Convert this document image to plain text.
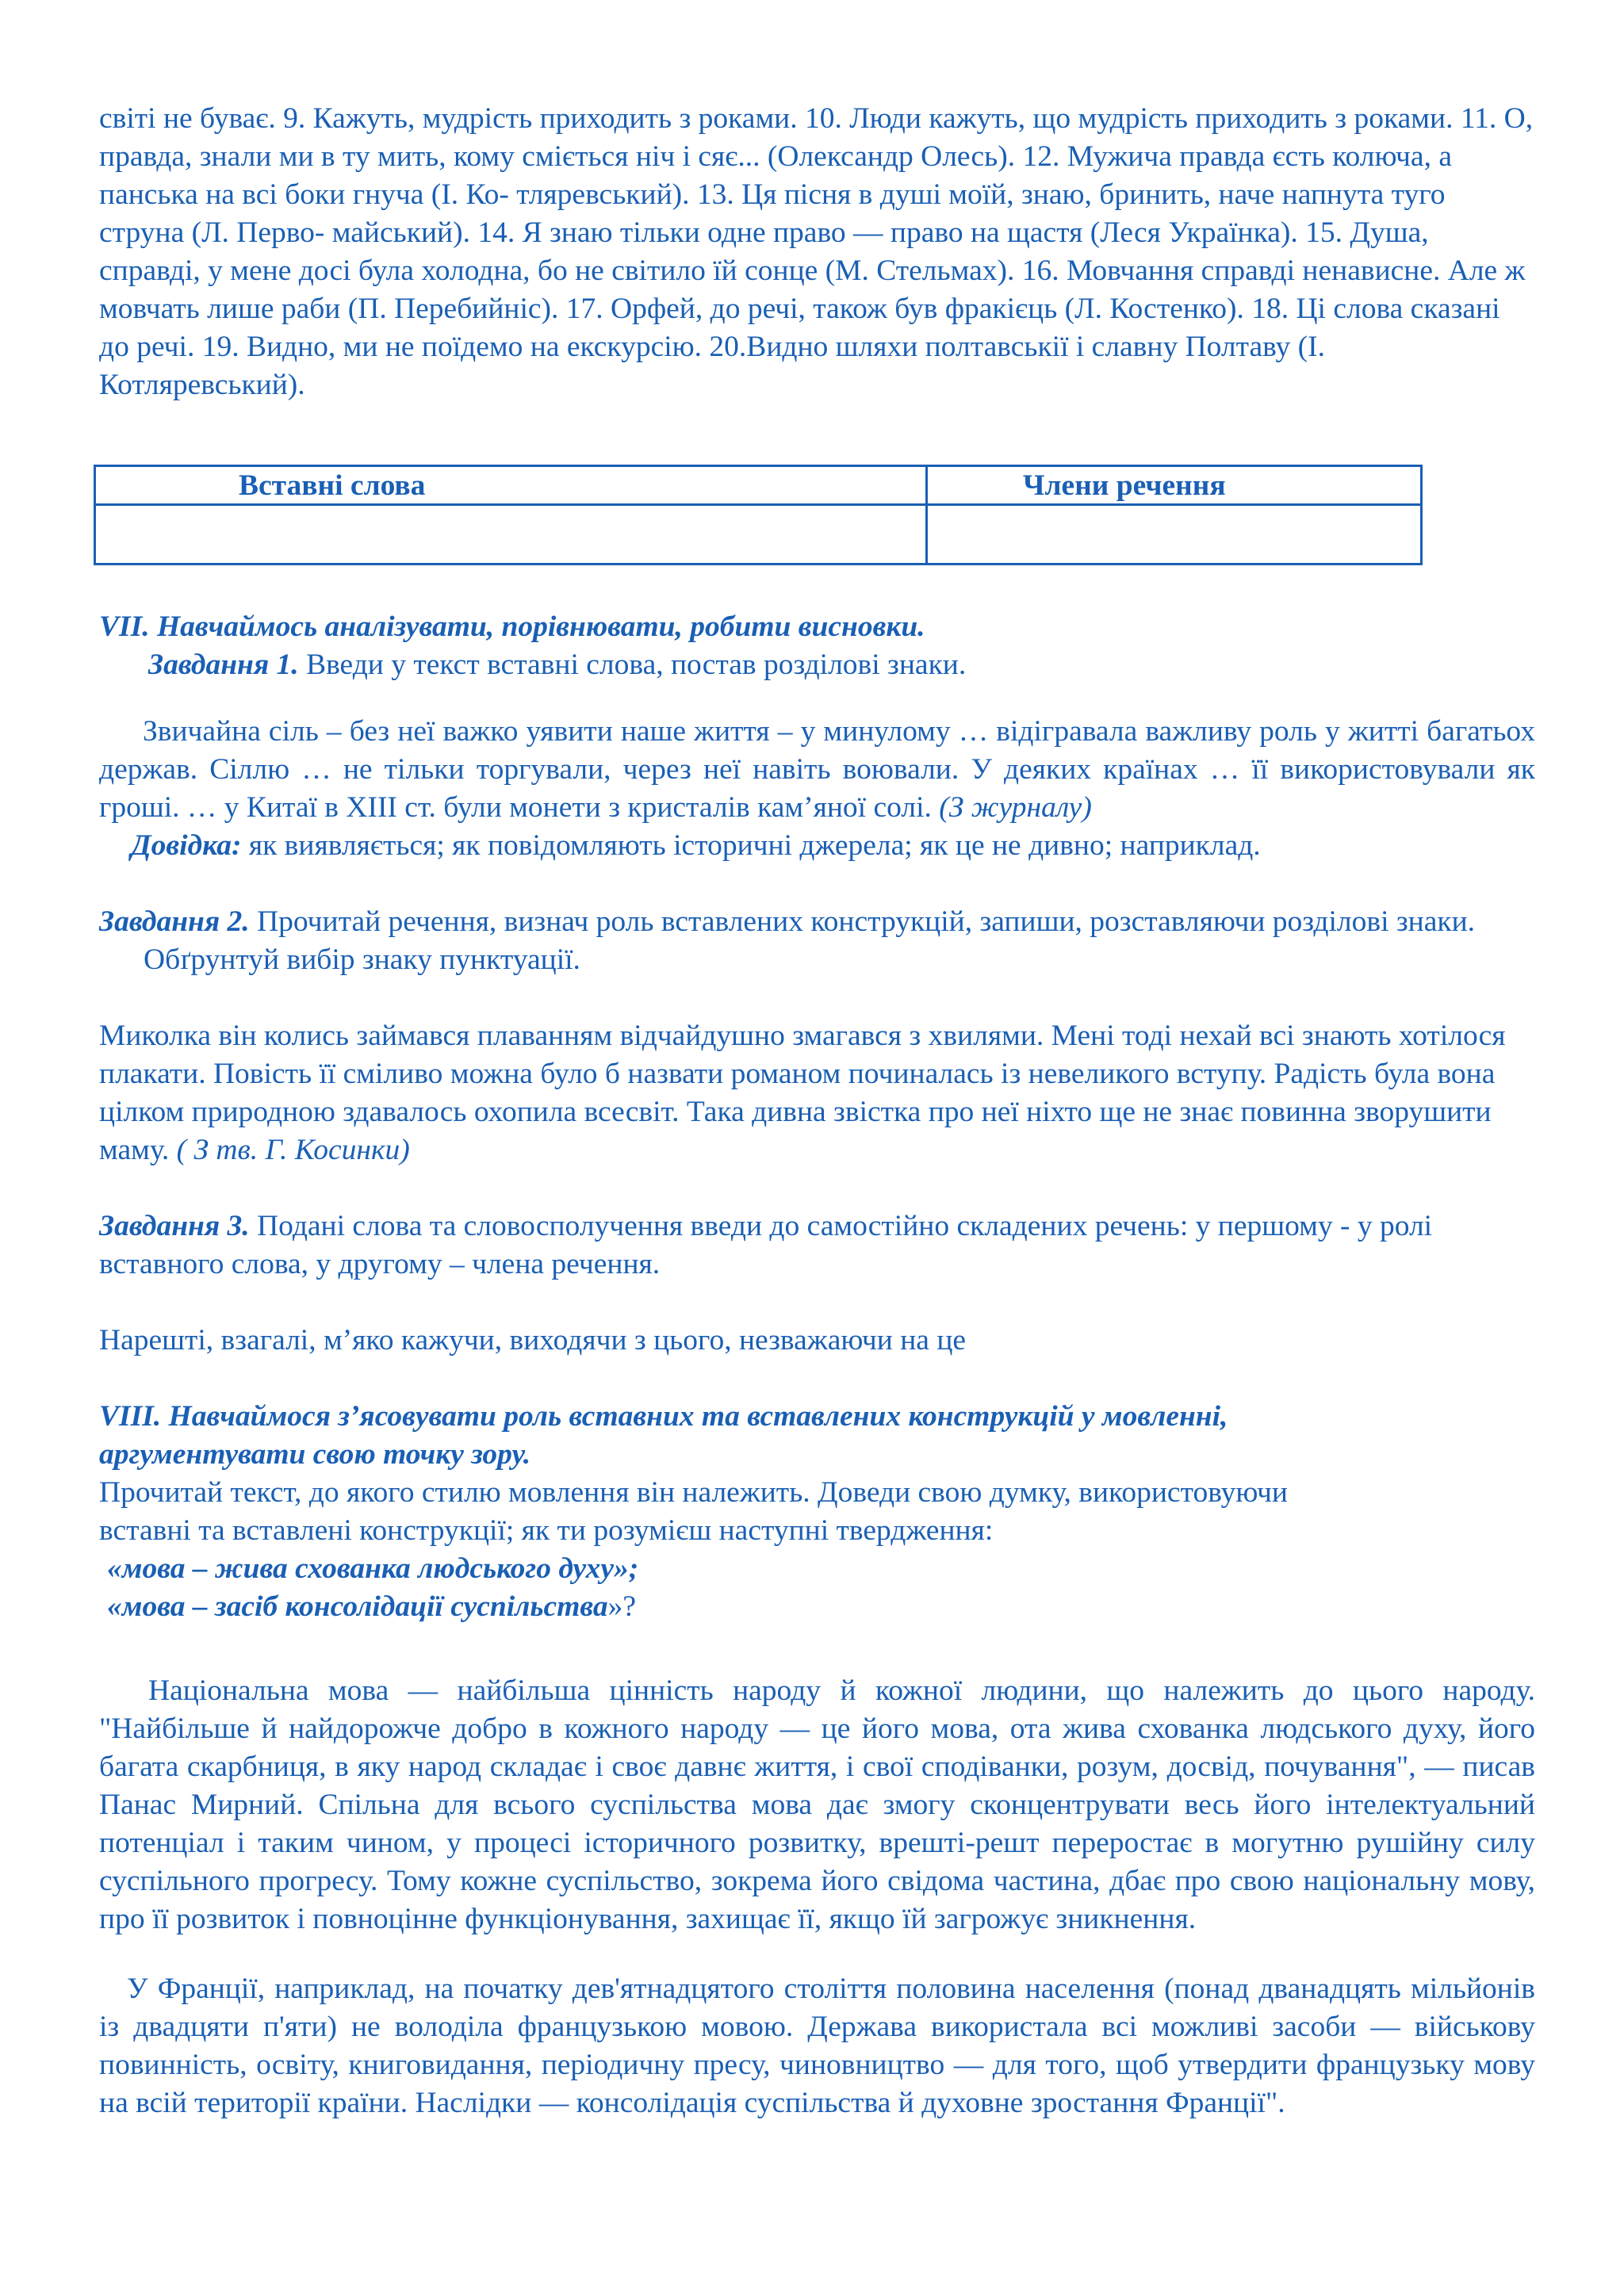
світі не буває. 9. Кажуть, мудрість приходить з роками. 10. Люди кажуть, що мудрість приходить з роками. 11. О, правда, знали ми в ту мить, кому сміється ніч і сяє... (Олександр Олесь). 12. Мужича правда єсть колюча, а панська на всі боки гнуча (І. Ко- тляревський). 13. Ця пісня в душі моїй, знаю, бринить, наче напнута туго струна (Л. Перво- майський). 14. Я знаю тільки одне право — право на щастя (Леся Українка). 15. Душа, справді, у мене досі була холодна, бо не світило їй сонце (М. Стельмах). 16. Мовчання справді ненависне. Але ж мовчать лише раби (П. Перебийніс). 17. Орфей, до речі, також був фракієць (Л. Костенко). 18. Ці слова сказані до речі. 19. Видно, ми не поїдемо на екскурсію. 20.Видно шляхи полтавськії і славну Полтаву (І. Котляревський).

Вставні слова	Члени речення

VII. Навчаймось аналізувати, порівнювати, робити висновки.

Завдання 1. Введи у текст вставні слова, постав розділові знаки.

Звичайна сіль – без неї важко уявити наше життя – у минулому … відігравала важливу роль у житті багатьох держав. Сіллю … не тільки торгували, через неї навіть воювали. У деяких країнах … її використовували як гроші. … у Китаї в XIII ст. були монети з кристалів кам’яної солі. (З журналу)

Довідка: як виявляється; як повідомляють історичні джерела; як це не дивно; наприклад.

Завдання 2. Прочитай речення, визнач роль вставлених конструкцій, запиши, розставляючи розділові знаки. Обґрунтуй вибір знаку пунктуації.

Миколка він колись займався плаванням відчайдушно змагався з хвилями. Мені тоді нехай всі знають хотілося плакати. Повість її сміливо можна було б назвати романом починалась із невеликого вступу. Радість була вона цілком природною здавалось охопила всесвіт. Така дивна звістка про неї ніхто ще не знає повинна зворушити маму. ( З тв. Г. Косинки)

Завдання 3. Подані слова та словосполучення введи до самостійно складених речень: у першому - у ролі вставного слова, у другому – члена речення.

Нарешті, взагалі, м’яко кажучи, виходячи з цього, незважаючи на це

VIII. Навчаймося з’ясовувати роль вставних та вставлених конструкцій у мовленні,

аргументувати свою точку зору.

Прочитай текст, до якого стилю мовлення він належить. Доведи свою думку, використовуючи

вставні та вставлені конструкції; як ти розумієш наступні твердження:

«мова – жива схованка людського духу»;

«мова – засіб консолідації суспільства»?

Національна мова — найбільша цінність народу й кожної людини, що належить до цього народу. "Найбільше й найдорожче добро в кожного народу — це його мова, ота жива схованка людського духу, його багата скарбниця, в яку народ складає і своє давнє життя, і свої сподіванки, розум, досвід, почування", — писав Панас Мирний. Спільна для всього суспільства мова дає змогу сконцентрувати весь його інтелектуальний потенціал і таким чином, у процесі історичного розвитку, врешті-решт переростає в могутню рушійну силу суспільного прогресу. Тому кожне суспільство, зокрема його свідома частина, дбає про свою національну мову, про її розвиток і повноцінне функціонування, захищає її, якщо їй загрожує зникнення.

У Франції, наприклад, на початку дев'ятнадцятого століття половина населення (понад дванадцять мільйонів із двадцяти п'яти) не володіла французькою мовою. Держава використала всі можливі засоби — військову повинність, освіту, книговидання, періодичну пресу, чиновництво — для того, щоб утвердити французьку мову на всій території країни. Наслідки — консолідація суспільства й духовне зростання Франції".
